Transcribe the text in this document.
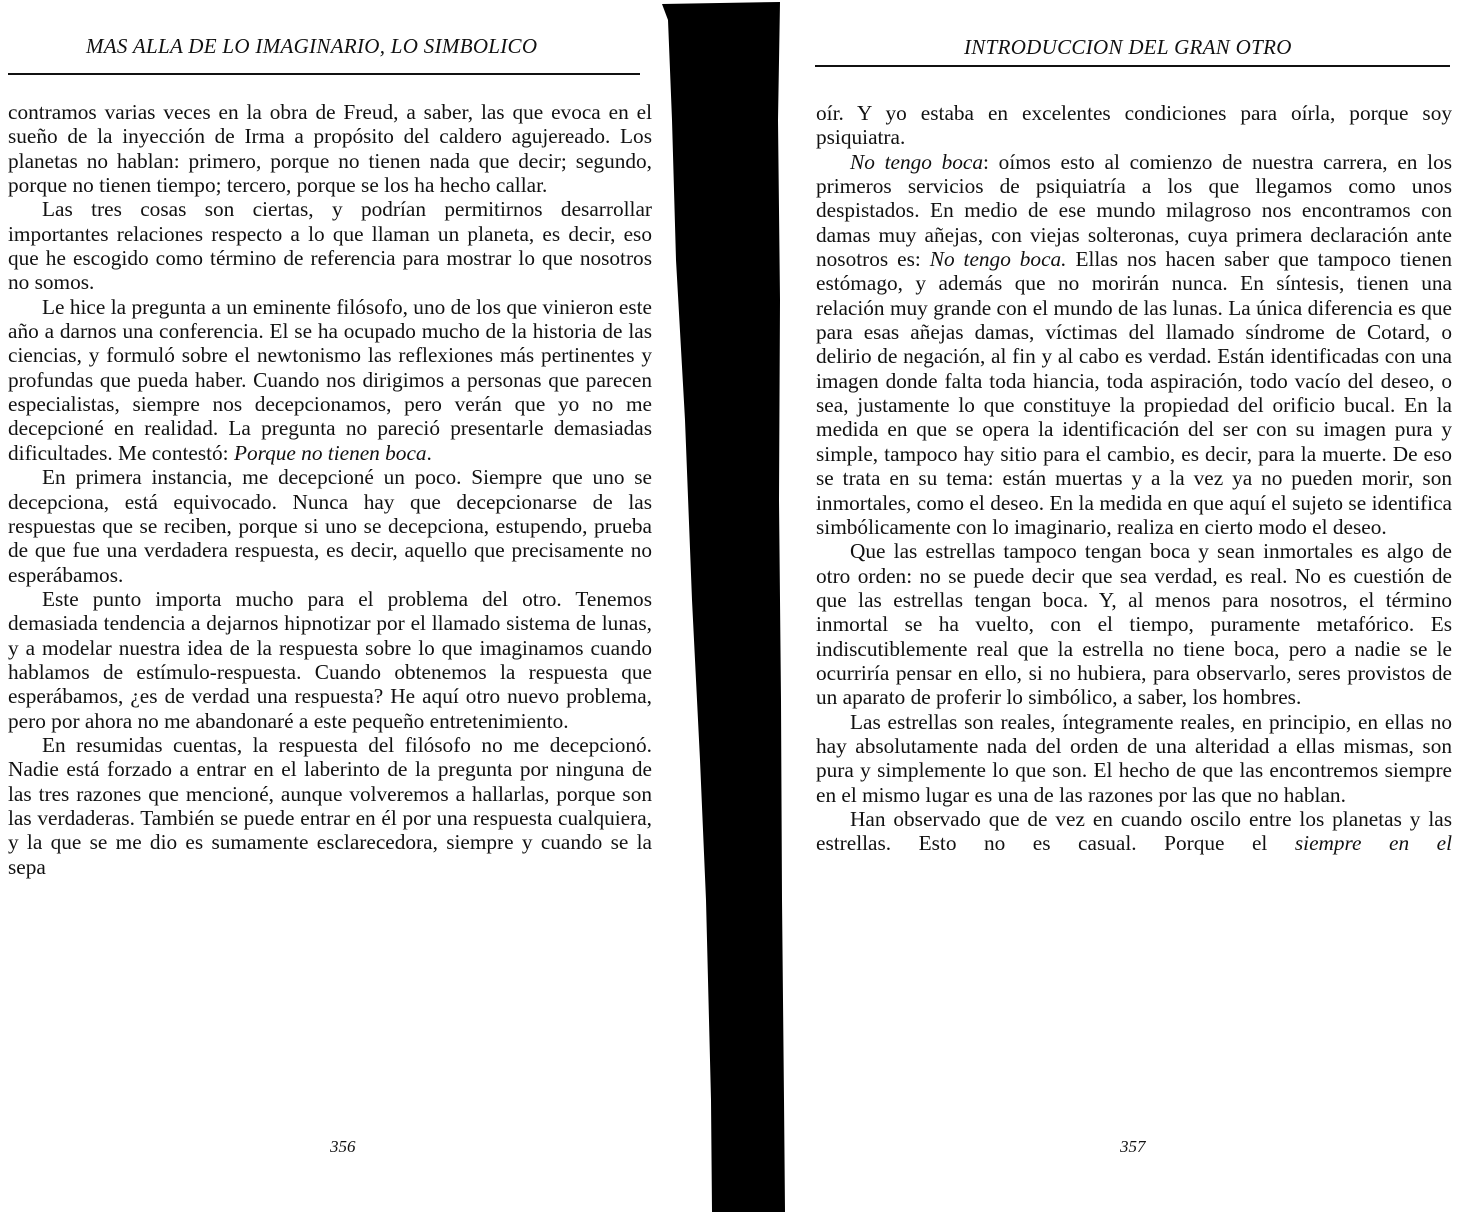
MAS ALLA DE LO IMAGINARIO, LO SIMBOLICO

contramos varias veces en la obra de Freud, a saber, las que evoca en el sueño de la inyección de Irma a propósito del caldero agujereado. Los planetas no hablan: primero, porque no tienen nada que decir; segundo, porque no tienen tiempo; tercero, porque se los ha hecho callar.

Las tres cosas son ciertas, y podrían permitirnos desarrollar importantes relaciones respecto a lo que llaman un planeta, es decir, eso que he escogido como término de referencia para mostrar lo que nosotros no somos.

Le hice la pregunta a un eminente filósofo, uno de los que vinieron este año a darnos una conferencia. El se ha ocupado mucho de la historia de las ciencias, y formuló sobre el newtonismo las reflexiones más pertinentes y profundas que pueda haber. Cuando nos dirigimos a personas que parecen especialistas, siempre nos decepcionamos, pero verán que yo no me decepcioné en realidad. La pregunta no pareció presentarle demasiadas dificultades. Me contestó: Porque no tienen boca.

En primera instancia, me decepcioné un poco. Siempre que uno se decepciona, está equivocado. Nunca hay que decepcionarse de las respuestas que se reciben, porque si uno se decepciona, estupendo, prueba de que fue una verdadera respuesta, es decir, aquello que precisamente no esperábamos.

Este punto importa mucho para el problema del otro. Tenemos demasiada tendencia a dejarnos hipnotizar por el llamado sistema de lunas, y a modelar nuestra idea de la respuesta sobre lo que imaginamos cuando hablamos de estímulo-respuesta. Cuando obtenemos la respuesta que esperábamos, ¿es de verdad una respuesta? He aquí otro nuevo problema, pero por ahora no me abandonaré a este pequeño entretenimiento.

En resumidas cuentas, la respuesta del filósofo no me decepcionó. Nadie está forzado a entrar en el laberinto de la pregunta por ninguna de las tres razones que mencioné, aunque volveremos a hallarlas, porque son las verdaderas. También se puede entrar en él por una respuesta cualquiera, y la que se me dio es sumamente esclarecedora, siempre y cuando se la sepa

356
INTRODUCCION DEL GRAN OTRO

oír. Y yo estaba en excelentes condiciones para oírla, porque soy psiquiatra.

No tengo boca: oímos esto al comienzo de nuestra carrera, en los primeros servicios de psiquiatría a los que llegamos como unos despistados. En medio de ese mundo milagroso nos encontramos con damas muy añejas, con viejas solteronas, cuya primera declaración ante nosotros es: No tengo boca. Ellas nos hacen saber que tampoco tienen estómago, y además que no morirán nunca. En síntesis, tienen una relación muy grande con el mundo de las lunas. La única diferencia es que para esas añejas damas, víctimas del llamado síndrome de Cotard, o delirio de negación, al fin y al cabo es verdad. Están identificadas con una imagen donde falta toda hiancia, toda aspiración, todo vacío del deseo, o sea, justamente lo que constituye la propiedad del orificio bucal. En la medida en que se opera la identificación del ser con su imagen pura y simple, tampoco hay sitio para el cambio, es decir, para la muerte. De eso se trata en su tema: están muertas y a la vez ya no pueden morir, son inmortales, como el deseo. En la medida en que aquí el sujeto se identifica simbólicamente con lo imaginario, realiza en cierto modo el deseo.

Que las estrellas tampoco tengan boca y sean inmortales es algo de otro orden: no se puede decir que sea verdad, es real. No es cuestión de que las estrellas tengan boca. Y, al menos para nosotros, el término inmortal se ha vuelto, con el tiempo, puramente metafórico. Es indiscutiblemente real que la estrella no tiene boca, pero a nadie se le ocurriría pensar en ello, si no hubiera, para observarlo, seres provistos de un aparato de proferir lo simbólico, a saber, los hombres.

Las estrellas son reales, íntegramente reales, en principio, en ellas no hay absolutamente nada del orden de una alteridad a ellas mismas, son pura y simplemente lo que son. El hecho de que las encontremos siempre en el mismo lugar es una de las razones por las que no hablan.

Han observado que de vez en cuando oscilo entre los planetas y las estrellas. Esto no es casual. Porque el siempre en el

357
